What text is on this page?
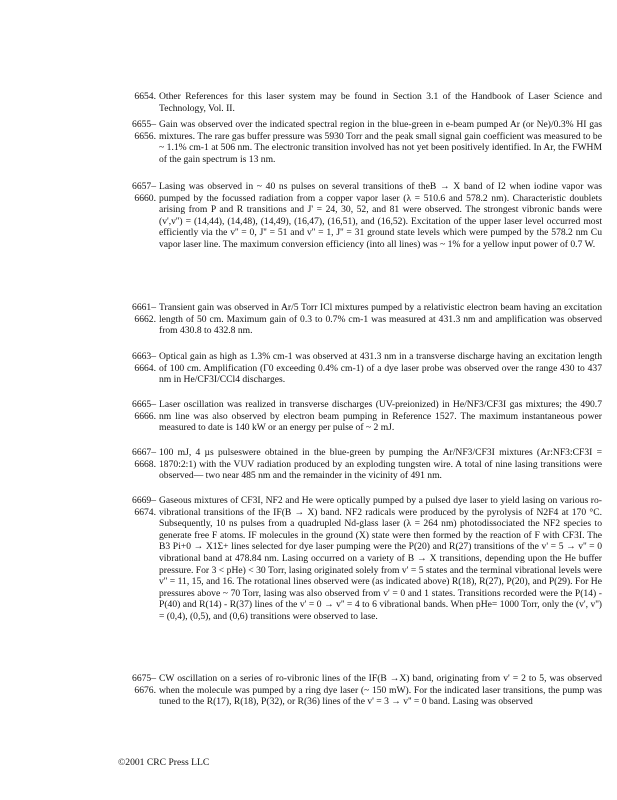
6654. Other References for this laser system may be found in Section 3.1 of the Handbook of Laser Science and Technology, Vol. II.
6655–
6656.
Gain was observed over the indicated spectral region in the blue-green in e-beam pumped Ar (or Ne)/0.3% HI gas mixtures. The rare gas buffer pressure was 5930 Torr and the peak small signal gain coefficient was measured to be ~ 1.1% cm-1 at 506 nm. The electronic transition involved has not yet been positively identified. In Ar, the FWHM of the gain spectrum is 13 nm.
6657–
6660.
Lasing was observed in ~ 40 ns pulses on several transitions of theB → X band of I2 when iodine vapor was pumped by the focussed radiation from a copper vapor laser (λ = 510.6 and 578.2 nm). Characteristic doublets arising from P and R transitions and J' = 24, 30, 52, and 81 were observed. The strongest vibronic bands were (v',v'') = (14,44), (14,48), (14,49), (16,47), (16,51), and (16,52). Excitation of the upper laser level occurred most efficiently via the v'' = 0, J'' = 51 and v'' = 1, J'' = 31 ground state levels which were pumped by the 578.2 nm Cu vapor laser line. The maximum conversion efficiency (into all lines) was ~ 1% for a yellow input power of 0.7 W.
6661–
6662.
Transient gain was observed in Ar/5 Torr ICl mixtures pumped by a relativistic electron beam having an excitation length of 50 cm. Maximum gain of 0.3 to 0.7% cm-1 was measured at 431.3 nm and amplification was observed from 430.8 to 432.8 nm.
6663–
6664.
Optical gain as high as 1.3% cm-1 was observed at 431.3 nm in a transverse discharge having an excitation length of 100 cm. Amplification (Γ0 exceeding 0.4% cm-1) of a dye laser probe was observed over the range 430 to 437 nm in He/CF3I/CCl4 discharges.
6665–
6666.
Laser oscillation was realized in transverse discharges (UV-preionized) in He/NF3/CF3I gas mixtures; the 490.7 nm line was also observed by electron beam pumping in Reference 1527. The maximum instantaneous power measured to date is 140 kW or an energy per pulse of ~ 2 mJ.
6667–
6668.
100 mJ, 4 µs pulseswere obtained in the blue-green by pumping the Ar/NF3/CF3I mixtures (Ar:NF3:CF3I = 1870:2:1) with the VUV radiation produced by an exploding tungsten wire. A total of nine lasing transitions were observed— two near 485 nm and the remainder in the vicinity of 491 nm.
6669–
6674.
Gaseous mixtures of CF3I, NF2 and He were optically pumped by a pulsed dye laser to yield lasing on various ro-vibrational transitions of the IF(B → X) band. NF2 radicals were produced by the pyrolysis of N2F4 at 170 °C. Subsequently, 10 ns pulses from a quadrupled Nd-glass laser (λ = 264 nm) photodissociated the NF2 species to generate free F atoms. IF molecules in the ground (X) state were then formed by the reaction of F with CF3I. The B3 Pi+0 → X1Σ+ lines selected for dye laser pumping were the P(20) and R(27) transitions of the v' = 5 → v'' = 0 vibrational band at 478.84 nm. Lasing occurred on a variety of B → X transitions, depending upon the He buffer pressure. For 3 < pHe) < 30 Torr, lasing originated solely from v' = 5 states and the terminal vibrational levels were v'' = 11, 15, and 16. The rotational lines observed were (as indicated above) R(18), R(27), P(20), and P(29). For He pressures above ~ 70 Torr, lasing was also observed from v' = 0 and 1 states. Transitions recorded were the P(14) - P(40) and R(14) - R(37) lines of the v' = 0 → v'' = 4 to 6 vibrational bands. When pHe= 1000 Torr, only the (v', v'') = (0,4), (0,5), and (0,6) transitions were observed to lase.
6675–
6676.
CW oscillation on a series of ro-vibronic lines of the IF(B →X) band, originating from v' = 2 to 5, was observed when the molecule was pumped by a ring dye laser (~ 150 mW). For the indicated laser transitions, the pump was tuned to the R(17), R(18), P(32), or R(36) lines of the v' = 3 → v'' = 0 band. Lasing was observed
©2001 CRC Press LLC
